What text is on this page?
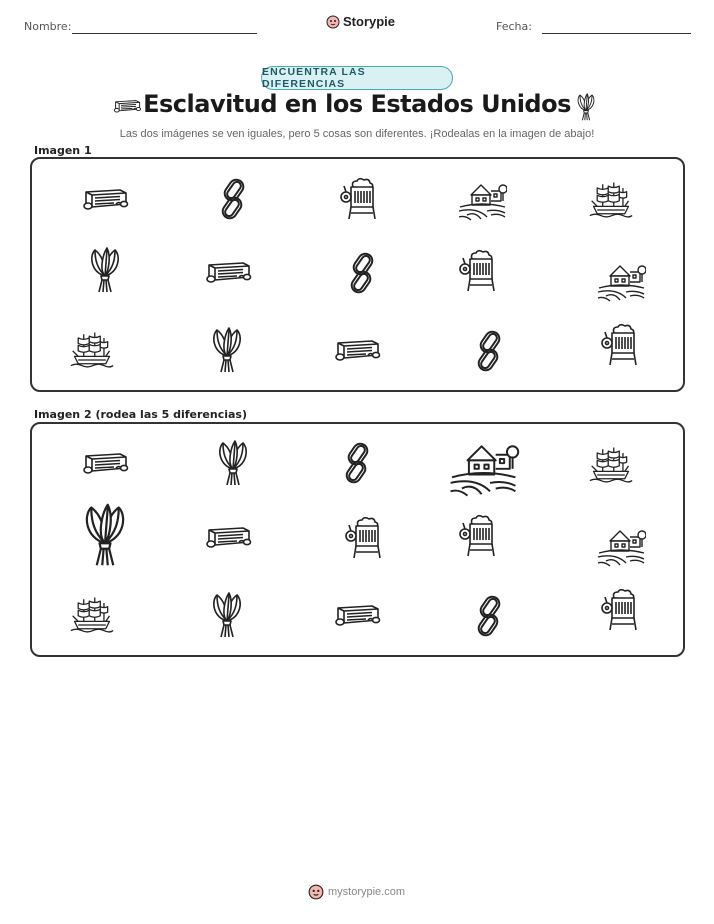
Nombre:	Storypie	Fecha:
ENCUENTRA LAS DIFERENCIAS
Esclavitud en los Estados Unidos

Las dos imágenes se ven iguales, pero 5 cosas son diferentes. ¡Rodealas en la imagen de abajo!

Imagen 1
Imagen 2 (rodea las 5 diferencias)
mystorypie.com
